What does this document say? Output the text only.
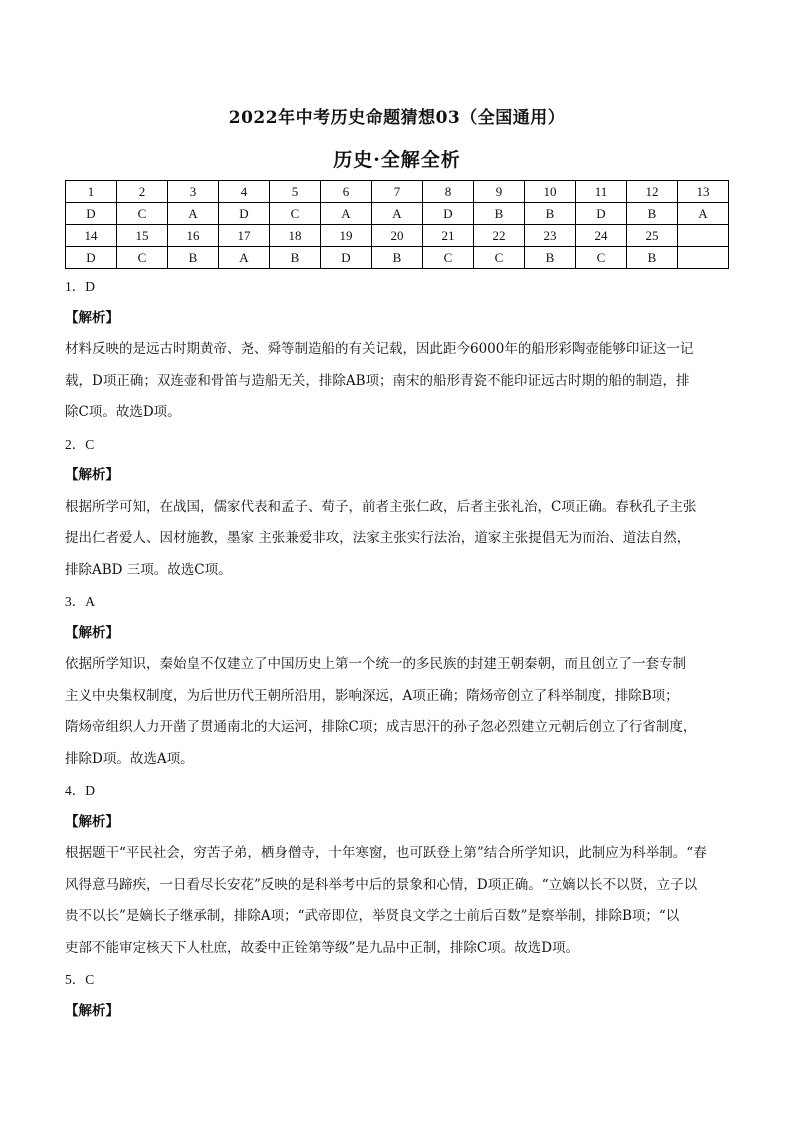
2022年中考历史命题猜想03（全国通用）
历史·全解全析
1	2	3	4	5	6	7	8	9	10	11	12	13
D	C	A	D	C	A	A	D	B	B	D	B	A
14	15	16	17	18	19	20	21	22	23	24	25	
D	C	B	A	B	D	B	C	C	B	C	B	

1．D

【解析】

材料反映的是远古时期黄帝、尧、舜等制造船的有关记载，因此距今6000年的船形彩陶壶能够印证这一记

载，D项正确；双连壶和骨笛与造船无关，排除AB项；南宋的船形青瓷不能印证远古时期的船的制造，排

除C项。故选D项。

2．C

【解析】

根据所学可知，在战国，儒家代表和孟子、荀子，前者主张仁政，后者主张礼治，C项正确。春秋孔子主张

提出仁者爱人、因材施教，墨家 主张兼爱非攻，法家主张实行法治，道家主张提倡无为而治、道法自然，

排除ABD 三项。故选C项。

3．A

【解析】

依据所学知识，秦始皇不仅建立了中国历史上第一个统一的多民族的封建王朝秦朝，而且创立了一套专制

主义中央集权制度，为后世历代王朝所沿用，影响深远，A项正确；隋炀帝创立了科举制度，排除B项；

隋炀帝组织人力开凿了贯通南北的大运河，排除C项；成吉思汗的孙子忽必烈建立元朝后创立了行省制度，

排除D项。故选A项。

4．D

【解析】

根据题干“平民社会，穷苦子弟，栖身僧寺，十年寒窗，也可跃登上第”结合所学知识，此制应为科举制。“春

风得意马蹄疾，一日看尽长安花”反映的是科举考中后的景象和心情，D项正确。“立嫡以长不以贤，立子以

贵不以长”是嫡长子继承制，排除A项；“武帝即位，举贤良文学之士前后百数”是察举制，排除B项；“以

吏部不能审定核天下人杜庶，故委中正铨第等级”是九品中正制，排除C项。故选D项。

5．C

【解析】
